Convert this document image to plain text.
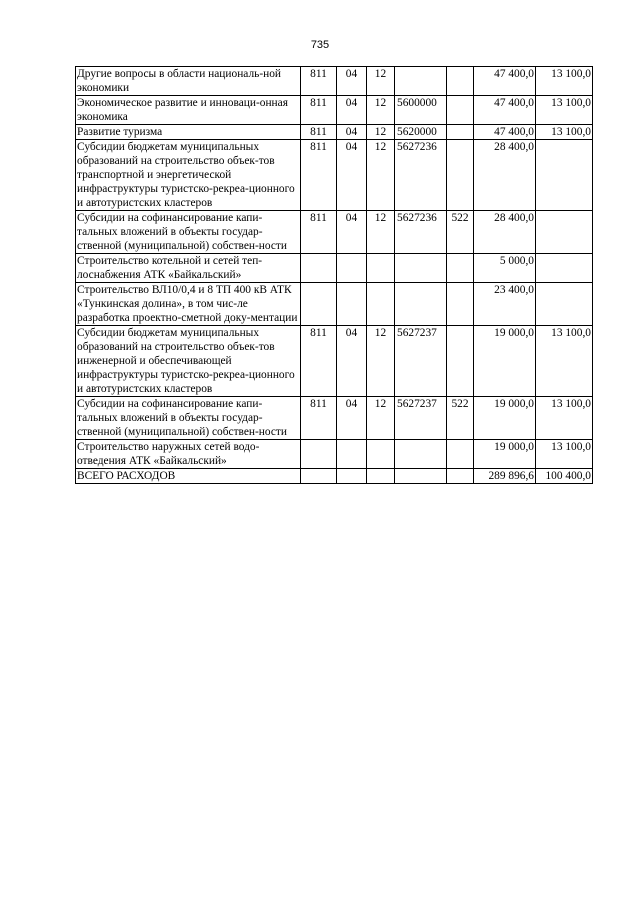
735
Другие вопросы в области националь-ной экономики	811	04	12			47 400,0	13 100,0
Экономическое развитие и инноваци-онная экономика	811	04	12	5600000		47 400,0	13 100,0
Развитие туризма	811	04	12	5620000		47 400,0	13 100,0
Субсидии бюджетам муниципальных образований на строительство объек-тов транспортной и энергетической инфраструктуры туристско-рекреа-ционного и автотуристских кластеров	811	04	12	5627236		28 400,0	
Субсидии на софинансирование капи-тальных вложений в объекты государ-ственной (муниципальной) собствен-ности	811	04	12	5627236	522	28 400,0	
Строительство котельной и сетей теп-лоснабжения АТК «Байкальский»						5 000,0	
Строительство ВЛ10/0,4 и 8 ТП 400 кВ АТК «Тункинская долина», в том чис-ле разработка проектно-сметной доку-ментации						23 400,0	
Субсидии бюджетам муниципальных образований на строительство объек-тов инженерной и обеспечивающей инфраструктуры туристско-рекреа-ционного и автотуристских кластеров	811	04	12	5627237		19 000,0	13 100,0
Субсидии на софинансирование капи-тальных вложений в объекты государ-ственной (муниципальной) собствен-ности	811	04	12	5627237	522	19 000,0	13 100,0
Строительство наружных сетей водо-отведения АТК «Байкальский»						19 000,0	13 100,0
ВСЕГО РАСХОДОВ						289 896,6	100 400,0
